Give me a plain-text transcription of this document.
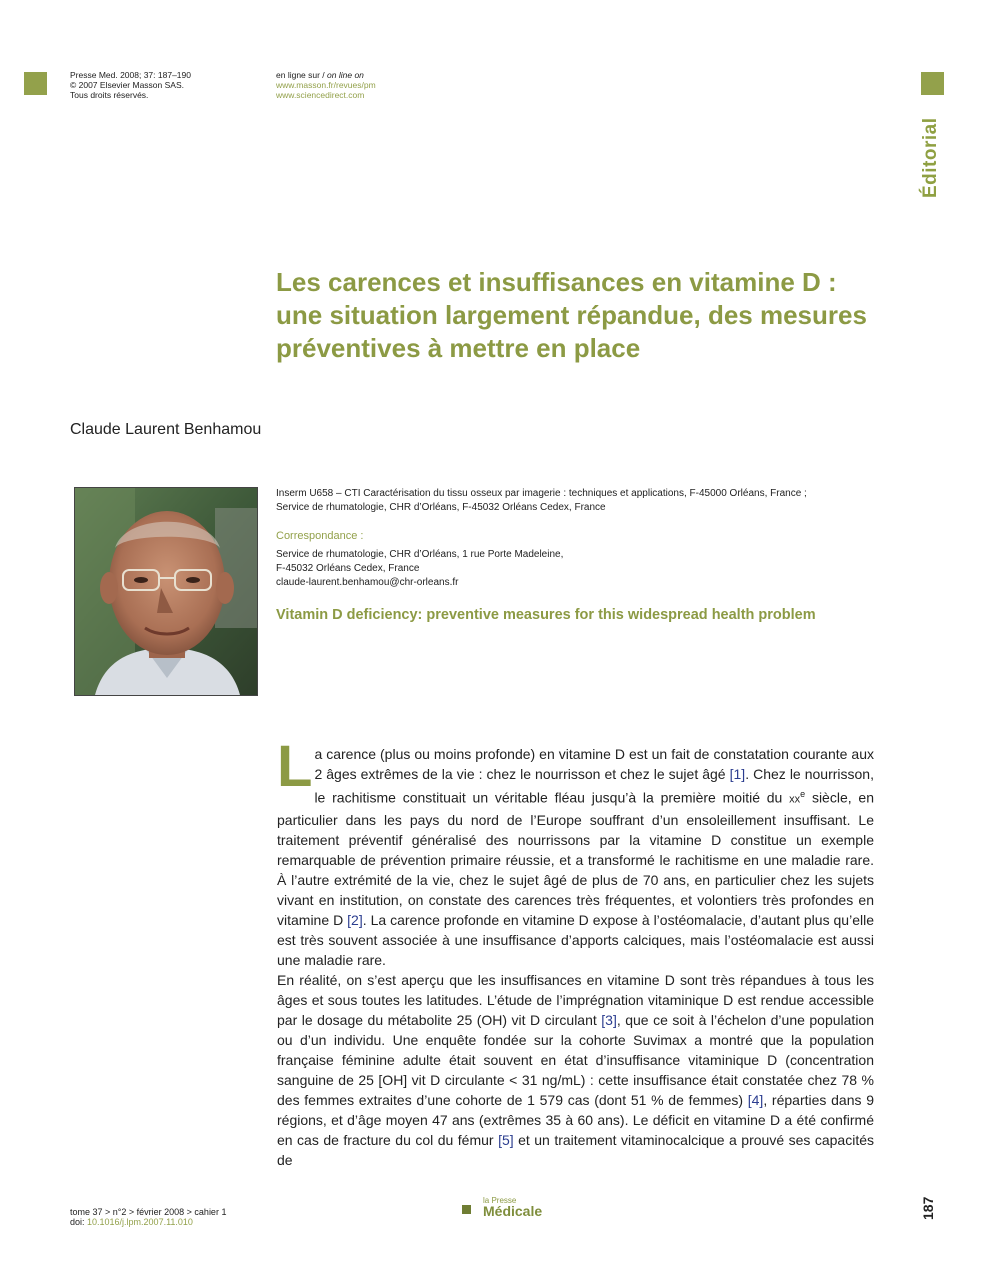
Presse Med. 2008; 37: 187–190
© 2007 Elsevier Masson SAS.
Tous droits réservés.
en ligne sur / on line on
www.masson.fr/revues/pm
www.sciencedirect.com
Éditorial
Les carences et insuffisances en vitamine D : une situation largement répandue, des mesures préventives à mettre en place
Claude Laurent Benhamou
Inserm U658 – CTI Caractérisation du tissu osseux par imagerie : techniques et applications, F-45000 Orléans, France ;
Service de rhumatologie, CHR d’Orléans, F-45032 Orléans Cedex, France
Correspondance :
Service de rhumatologie, CHR d’Orléans, 1 rue Porte Madeleine,
F-45032 Orléans Cedex, France
claude-laurent.benhamou@chr-orleans.fr
Vitamin D deficiency: preventive measures for this widespread health problem

La carence (plus ou moins profonde) en vitamine D est un fait de constatation courante aux 2 âges extrêmes de la vie : chez le nourrisson et chez le sujet âgé [1]. Chez le nourrisson, le rachitisme constituait un véritable fléau jusqu’à la première moitié du $xx^e$ siècle, en particulier dans les pays du nord de l’Europe souffrant d’un ensoleillement insuffisant. Le traitement préventif généralisé des nourrissons par la vitamine D constitue un exemple remarquable de prévention primaire réussie, et a transformé le rachitisme en une maladie rare. À l’autre extrémité de la vie, chez le sujet âgé de plus de 70 ans, en particulier chez les sujets vivant en institution, on constate des carences très fréquentes, et volontiers très profondes en vitamine D [2]. La carence profonde en vitamine D expose à l’ostéomalacie, d’autant plus qu’elle est très souvent associée à une insuffisance d’apports calciques, mais l’ostéomalacie est aussi une maladie rare.

En réalité, on s’est aperçu que les insuffisances en vitamine D sont très répandues à tous les âges et sous toutes les latitudes. L’étude de l’imprégnation vitaminique D est rendue accessible par le dosage du métabolite 25 (OH) vit D circulant [3], que ce soit à l’échelon d’une population ou d’un individu. Une enquête fondée sur la cohorte Suvimax a montré que la population française féminine adulte était souvent en état d’insuffisance vitaminique D (concentration sanguine de 25 [OH] vit D circulante < 31 ng/mL) : cette insuffisance était constatée chez 78 % des femmes extraites d’une cohorte de 1 579 cas (dont 51 % de femmes) [4], réparties dans 9 régions, et d’âge moyen 47 ans (extrêmes 35 à 60 ans). Le déficit en vitamine D a été confirmé en cas de fracture du col du fémur [5] et un traitement vitaminocalcique a prouvé ses capacités de

tome 37 > n°2 > février 2008 > cahier 1
doi: 10.1016/j.lpm.2007.11.010
la Presse
Médicale	187
